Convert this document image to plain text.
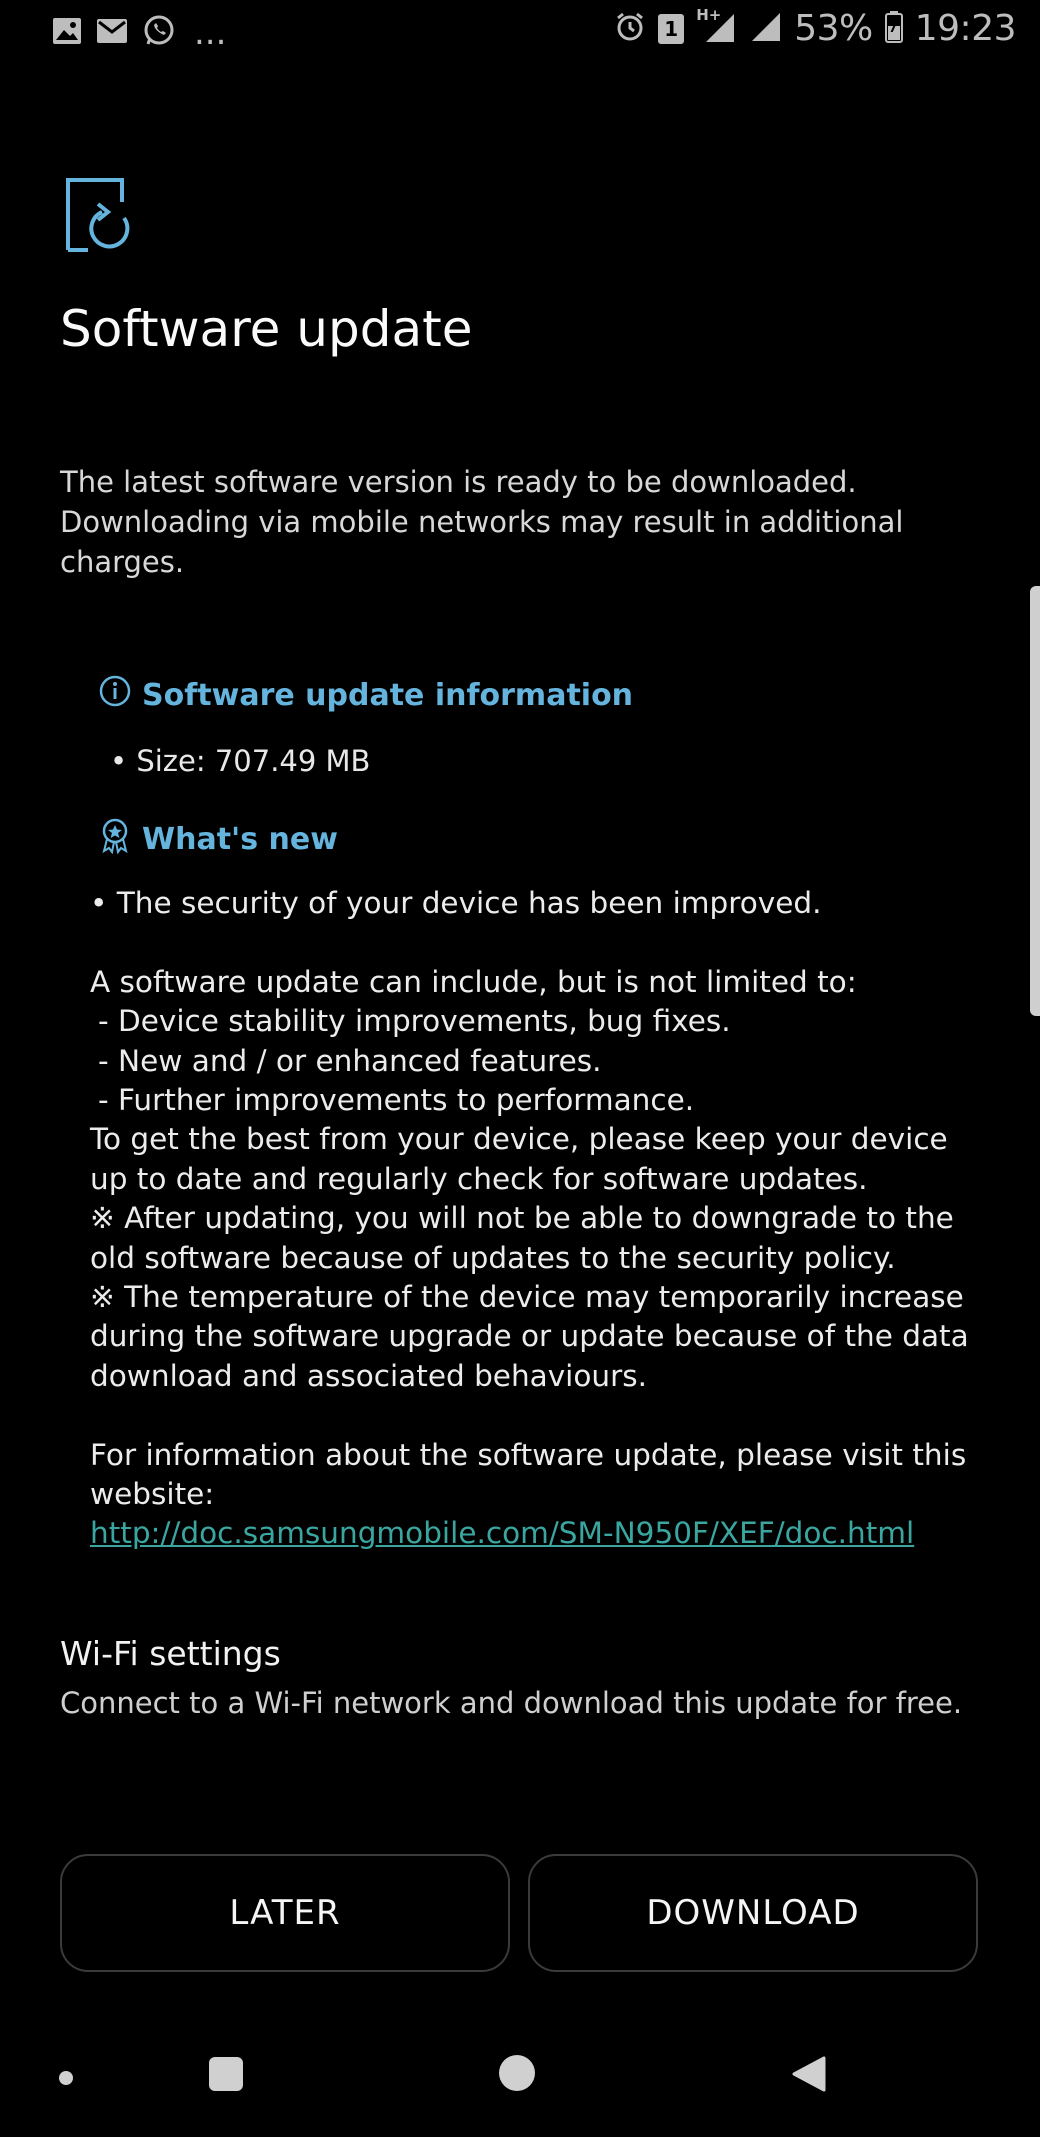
...	1
H+ 53% 7 19:23
Software update

The latest software version is ready to be downloaded. Downloading via mobile networks may result in additional charges.

Software update information

• Size: 707.49 MB

What's new

• The security of your device has been improved.

A software update can include, but is not limited to:

- Device stability improvements, bug fixes.

- New and / or enhanced features.

- Further improvements to performance.

To get the best from your device, please keep your device up to date and regularly check for software updates.

※ After updating, you will not be able to downgrade to the old software because of updates to the security policy.

※ The temperature of the device may temporarily increase during the software upgrade or update because of the data download and associated behaviours.

For information about the software update, please visit this website:

http://doc.samsungmobile.com/SM-N950F/XEF/doc.html
Wi-Fi settings

Connect to a Wi-Fi network and download this update for free.

LATER	DOWNLOAD
